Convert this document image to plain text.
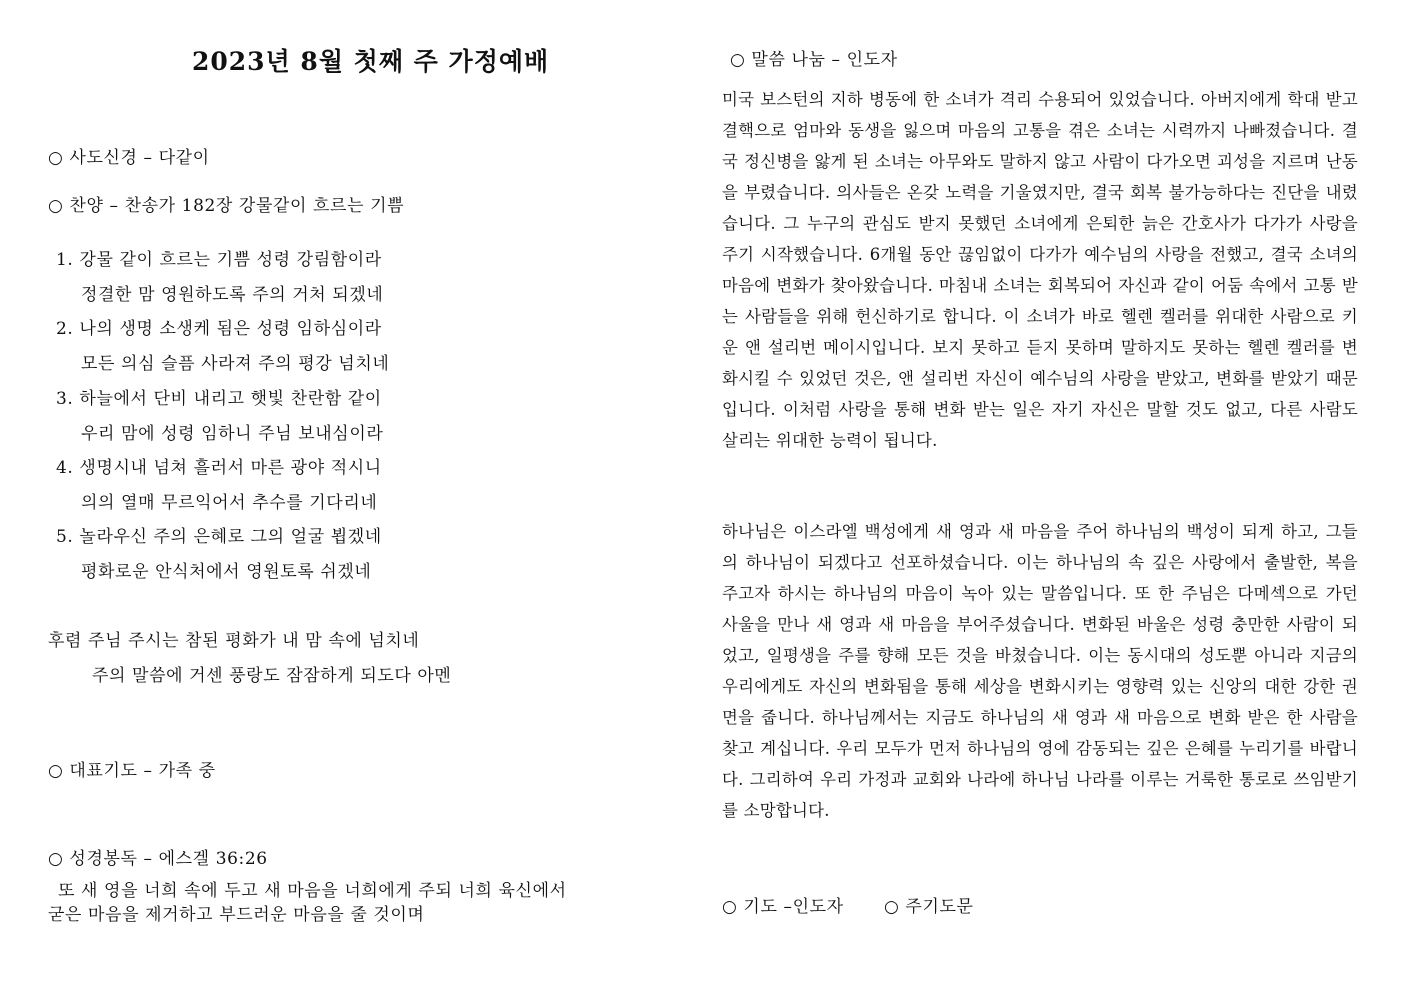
2023년 8월 첫째 주 가정예배
○ 사도신경 – 다같이
○ 찬양 – 찬송가 182장 강물같이 흐르는 기쁨
1. 강물 같이 흐르는 기쁨 성령 강림함이라
정결한 맘 영원하도록 주의 거처 되겠네
2. 나의 생명 소생케 됨은 성령 임하심이라
모든 의심 슬픔 사라져 주의 평강 넘치네
3. 하늘에서 단비 내리고 햇빛 찬란함 같이
우리 맘에 성령 임하니 주님 보내심이라
4. 생명시내 넘쳐 흘러서 마른 광야 적시니
의의 열매 무르익어서 추수를 기다리네
5. 놀라우신 주의 은혜로 그의 얼굴 뵙겠네
평화로운 안식처에서 영원토록 쉬겠네
후렴 주님 주시는 참된 평화가 내 맘 속에 넘치네
주의 말씀에 거센 풍랑도 잠잠하게 되도다 아멘
○ 대표기도 – 가족 중
○ 성경봉독 – 에스겔 36:26
또 새 영을 너희 속에 두고 새 마음을 너희에게 주되 너희 육신에서
굳은 마음을 제거하고 부드러운 마음을 줄 것이며
○ 말씀 나눔 – 인도자
미국 보스턴의 지하 병동에 한 소녀가 격리 수용되어 있었습니다. 아버지에게 학대 받고 결핵으로 엄마와 동생을 잃으며 마음의 고통을 겪은 소녀는 시력까지 나빠졌습니다. 결국 정신병을 앓게 된 소녀는 아무와도 말하지 않고 사람이 다가오면 괴성을 지르며 난동을 부렸습니다. 의사들은 온갖 노력을 기울였지만, 결국 회복 불가능하다는 진단을 내렸습니다. 그 누구의 관심도 받지 못했던 소녀에게 은퇴한 늙은 간호사가 다가가 사랑을 주기 시작했습니다. 6개월 동안 끊임없이 다가가 예수님의 사랑을 전했고, 결국 소녀의 마음에 변화가 찾아왔습니다. 마침내 소녀는 회복되어 자신과 같이 어둠 속에서 고통 받는 사람들을 위해 헌신하기로 합니다. 이 소녀가 바로 헬렌 켈러를 위대한 사람으로 키운 앤 설리번 메이시입니다. 보지 못하고 듣지 못하며 말하지도 못하는 헬렌 켈러를 변화시킬 수 있었던 것은, 앤 설리번 자신이 예수님의 사랑을 받았고, 변화를 받았기 때문입니다. 이처럼 사랑을 통해 변화 받는 일은 자기 자신은 말할 것도 없고, 다른 사람도 살리는 위대한 능력이 됩니다.
하나님은 이스라엘 백성에게 새 영과 새 마음을 주어 하나님의 백성이 되게 하고, 그들의 하나님이 되겠다고 선포하셨습니다. 이는 하나님의 속 깊은 사랑에서 출발한, 복을 주고자 하시는 하나님의 마음이 녹아 있는 말씀입니다. 또 한 주님은 다메섹으로 가던 사울을 만나 새 영과 새 마음을 부어주셨습니다. 변화된 바울은 성령 충만한 사람이 되었고, 일평생을 주를 향해 모든 것을 바쳤습니다. 이는 동시대의 성도뿐 아니라 지금의 우리에게도 자신의 변화됨을 통해 세상을 변화시키는 영향력 있는 신앙의 대한 강한 권면을 줍니다. 하나님께서는 지금도 하나님의 새 영과 새 마음으로 변화 받은 한 사람을 찾고 계십니다. 우리 모두가 먼저 하나님의 영에 감동되는 깊은 은혜를 누리기를 바랍니다. 그리하여 우리 가정과 교회와 나라에 하나님 나라를 이루는 거룩한 통로로 쓰임받기를 소망합니다.
○ 기도 –인도자 ○ 주기도문
